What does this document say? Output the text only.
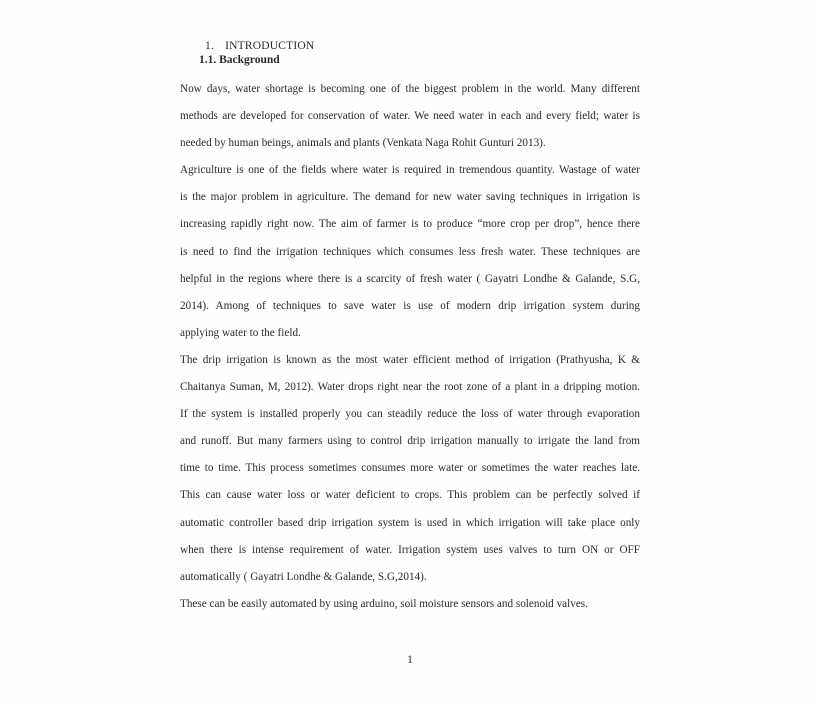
1. INTRODUCTION
1.1. Background

Now days, water shortage is becoming one of the biggest problem in the world. Many different
methods are developed for conservation of water. We need water in each and every field; water is
needed by human beings, animals and plants (Venkata Naga Rohit Gunturi 2013).

Agriculture is one of the fields where water is required in tremendous quantity. Wastage of water
is the major problem in agriculture. The demand for new water saving techniques in irrigation is
increasing rapidly right now. The aim of farmer is to produce “more crop per drop”, hence there
is need to find the irrigation techniques which consumes less fresh water. These techniques are
helpful in the regions where there is a scarcity of fresh water ( Gayatri Londhe & Galande, S.G,
2014). Among of techniques to save water is use of modern drip irrigation system during
applying water to the field.

The drip irrigation is known as the most water efficient method of irrigation (Prathyusha, K &
Chaitanya Suman, M, 2012). Water drops right near the root zone of a plant in a dripping motion.
If the system is installed properly you can steadily reduce the loss of water through evaporation
and runoff. But many farmers using to control drip irrigation manually to irrigate the land from
time to time. This process sometimes consumes more water or sometimes the water reaches late.
This can cause water loss or water deficient to crops. This problem can be perfectly solved if
automatic controller based drip irrigation system is used in which irrigation will take place only
when there is intense requirement of water. Irrigation system uses valves to turn ON or OFF
automatically ( Gayatri Londhe & Galande, S.G,2014).

These can be easily automated by using arduino, soil moisture sensors and solenoid valves.

1
